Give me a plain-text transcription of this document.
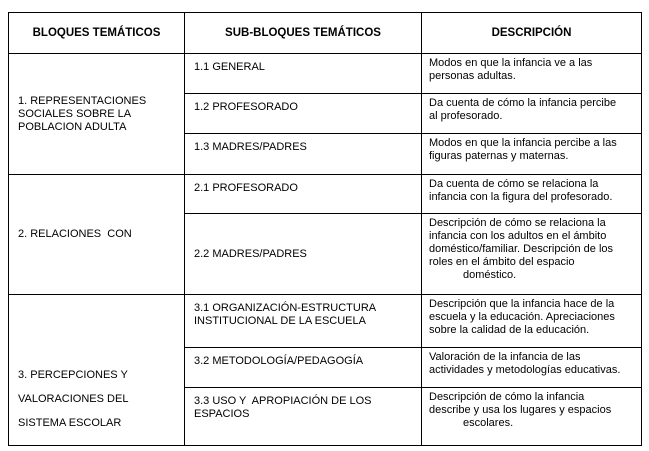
BLOQUES TEMÁTICOS	SUB-BLOQUES TEMÁTICOS	DESCRIPCIÓN

1. REPRESENTACIONES
SOCIALES SOBRE LA
POBLACION ADULTA	1.1 GENERAL	Modos en que la infancia ve a las
personas adultas.

	1.2 PROFESORADO	Da cuenta de cómo la infancia percibe
al profesorado.

	1.3 MADRES/PADRES	Modos en que la infancia percibe a las
figuras paternas y maternas.

2. RELACIONES  CON	2.1 PROFESORADO	Da cuenta de cómo se relaciona la
infancia con la figura del profesorado.

	2.2 MADRES/PADRES	Descripción de cómo se relaciona la
infancia con los adultos en el ámbito
doméstico/familiar. Descripción de los
roles en el ámbito del espacio
doméstico.

3. PERCEPCIONES Y
VALORACIONES DEL
SISTEMA ESCOLAR	3.1 ORGANIZACIÓN-ESTRUCTURA
INSTITUCIONAL DE LA ESCUELA	Descripción que la infancia hace de la
escuela y la educación. Apreciaciones
sobre la calidad de la educación.

	3.2 METODOLOGÍA/PEDAGOGÍA	Valoración de la infancia de las
actividades y metodologías educativas.

	3.3 USO Y  APROPIACIÓN DE LOS
ESPACIOS	Descripción de cómo la infancia
describe y usa los lugares y espacios
escolares.
